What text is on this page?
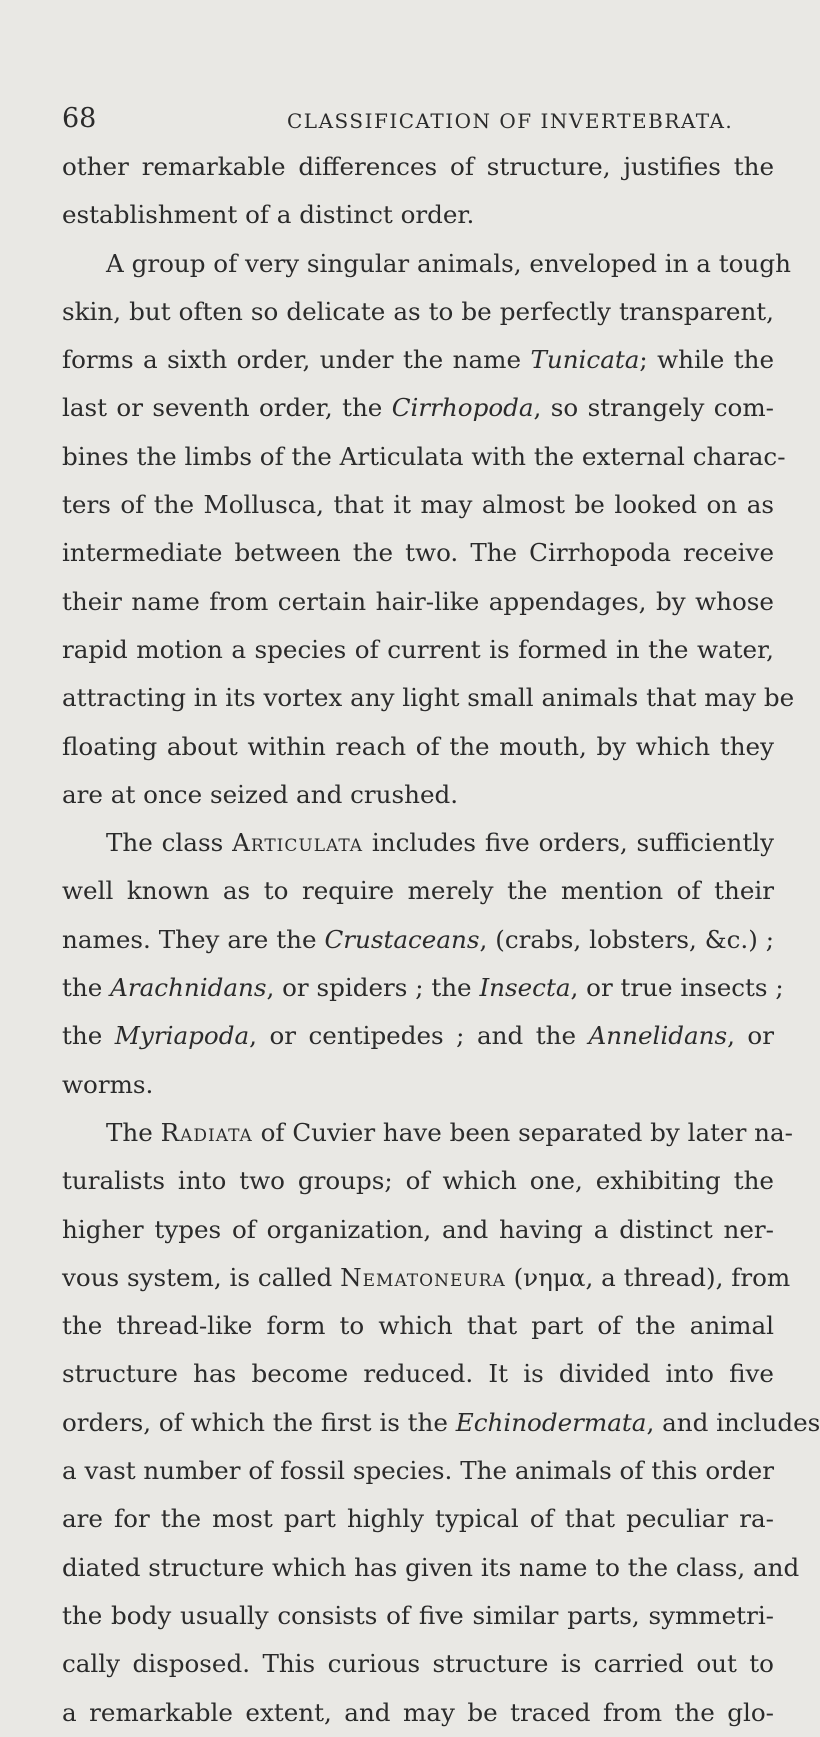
68	CLASSIFICATION OF INVERTEBRATA.
other remarkable differences of structure, justifies the
establishment of a distinct order.
A group of very singular animals, enveloped in a tough
skin, but often so delicate as to be perfectly transparent,
forms a sixth order, under the name Tunicata; while the
last or seventh order, the Cirrhopoda, so strangely com-
bines the limbs of the Articulata with the external charac-
ters of the Mollusca, that it may almost be looked on as
intermediate between the two. The Cirrhopoda receive
their name from certain hair-like appendages, by whose
rapid motion a species of current is formed in the water,
attracting in its vortex any light small animals that may be
floating about within reach of the mouth, by which they
are at once seized and crushed.
The class Articulata includes five orders, sufficiently
well known as to require merely the mention of their
names. They are the Crustaceans, (crabs, lobsters, &c.) ;
the Arachnidans, or spiders ; the Insecta, or true insects ;
the Myriapoda, or centipedes ; and the Annelidans, or
worms.
The Radiata of Cuvier have been separated by later na-
turalists into two groups; of which one, exhibiting the
higher types of organization, and having a distinct ner-
vous system, is called Nematoneura (νημα, a thread), from
the thread-like form to which that part of the animal
structure has become reduced. It is divided into five
orders, of which the first is the Echinodermata, and includes
a vast number of fossil species. The animals of this order
are for the most part highly typical of that peculiar ra-
diated structure which has given its name to the class, and
the body usually consists of five similar parts, symmetri-
cally disposed. This curious structure is carried out to
a remarkable extent, and may be traced from the glo-
